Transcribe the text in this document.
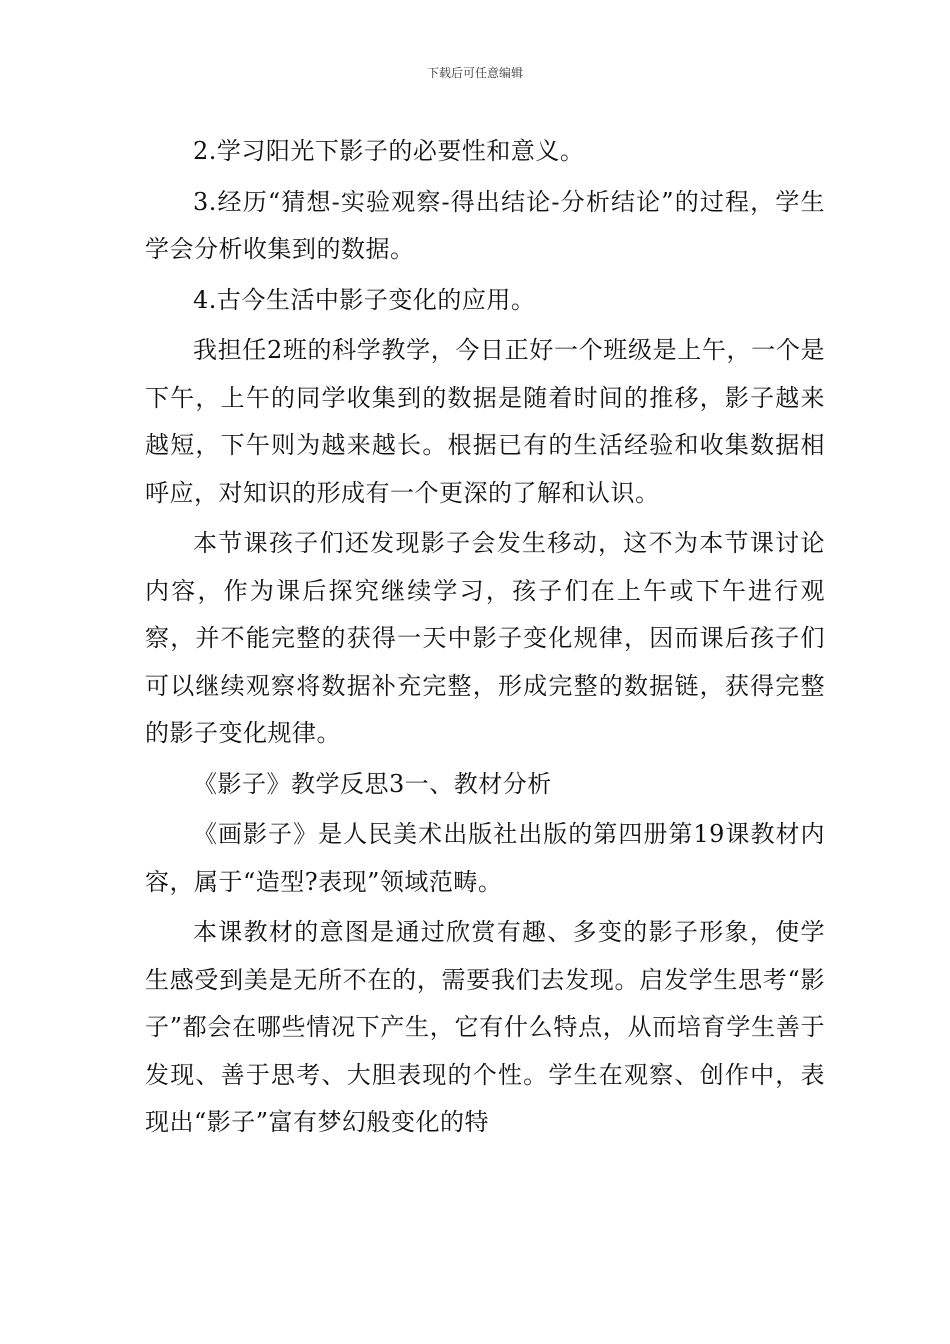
下载后可任意编辑

2.学习阳光下影子的必要性和意义。

3.经历“猜想-实验观察-得出结论-分析结论”的过程，学生学会分析收集到的数据。

4.古今生活中影子变化的应用。

我担任2班的科学教学，今日正好一个班级是上午，一个是下午，上午的同学收集到的数据是随着时间的推移，影子越来越短，下午则为越来越长。根据已有的生活经验和收集数据相呼应，对知识的形成有一个更深的了解和认识。

本节课孩子们还发现影子会发生移动，这不为本节课讨论内容，作为课后探究继续学习，孩子们在上午或下午进行观察，并不能完整的获得一天中影子变化规律，因而课后孩子们可以继续观察将数据补充完整，形成完整的数据链，获得完整的影子变化规律。

《影子》教学反思3一、教材分析

《画影子》是人民美术出版社出版的第四册第19课教材内容，属于“造型?表现”领域范畴。

本课教材的意图是通过欣赏有趣、多变的影子形象，使学生感受到美是无所不在的，需要我们去发现。启发学生思考“影子”都会在哪些情况下产生，它有什么特点，从而培育学生善于发现、善于思考、大胆表现的个性。学生在观察、创作中，表现出“影子”富有梦幻般变化的特
